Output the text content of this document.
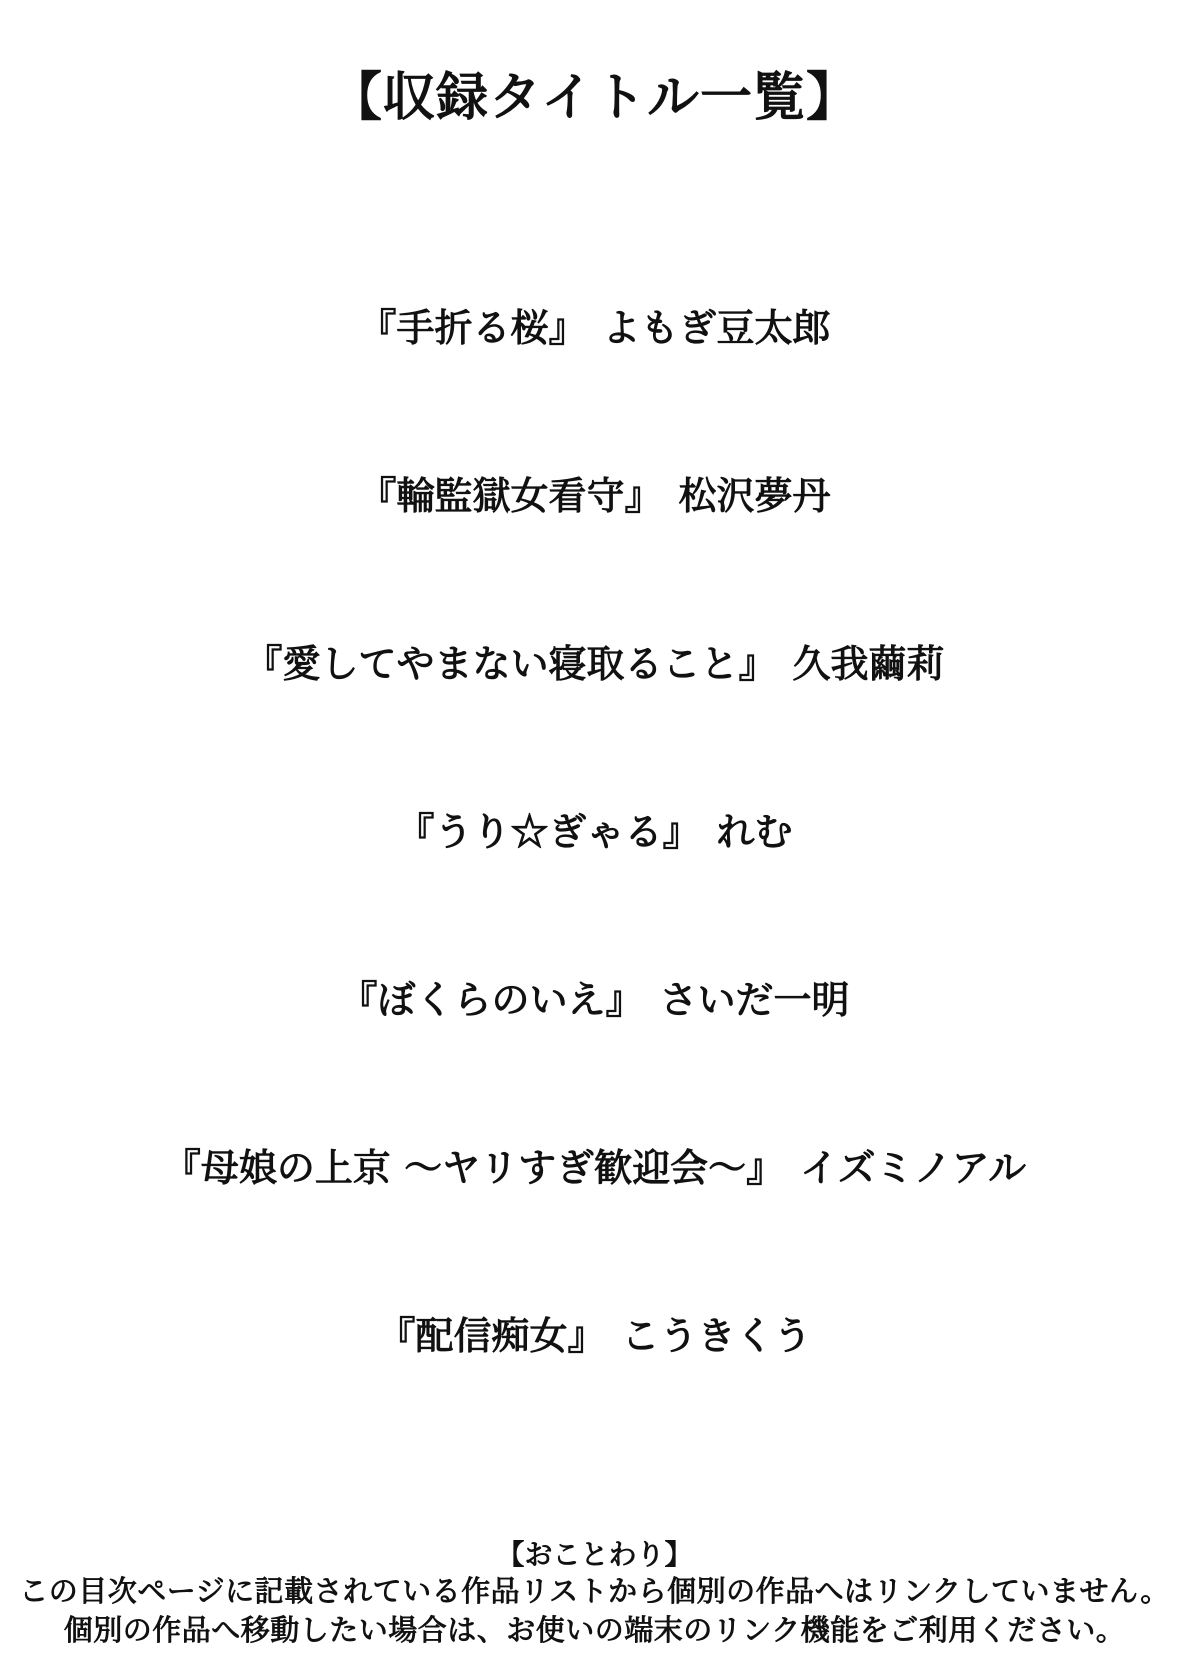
【収録タイトル一覧】
『手折る桜』 よもぎ豆太郎
『輪監獄女看守』 松沢夢丹
『愛してやまない寝取ること』 久我繭莉
『うり☆ぎゃる』 れむ
『ぼくらのいえ』 さいだ一明
『母娘の上京 〜ヤリすぎ歓迎会〜』 イズミノアル
『配信痴女』 こうきくう
【おことわり】
この目次ページに記載されている作品リストから個別の作品へはリンクしていません。
個別の作品へ移動したい場合は、お使いの端末のリンク機能をご利用ください。
